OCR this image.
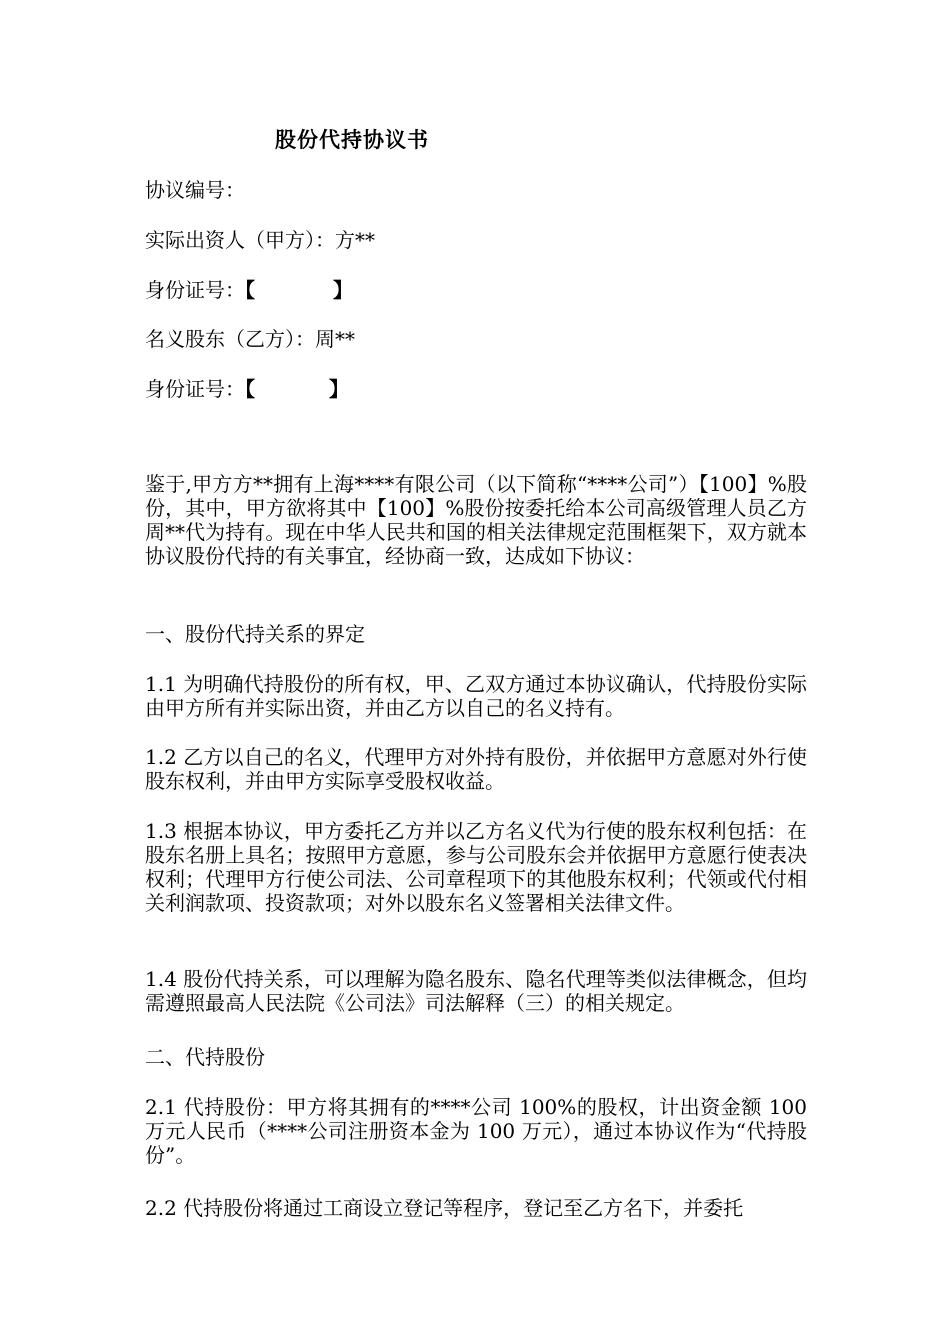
股份代持协议书
协议编号：
实际出资人（甲方）：方**
身份证号：【	】
名义股东（乙方）：周**
身份证号：【	】
鉴于,甲方方**拥有上海****有限公司（以下简称“****公司”）【100】%股份，其中，甲方欲将其中【100】%股份按委托给本公司高级管理人员乙方周**代为持有。现在中华人民共和国的相关法律规定范围框架下，双方就本协议股份代持的有关事宜，经协商一致，达成如下协议：
一、股份代持关系的界定
1.1 为明确代持股份的所有权，甲、乙双方通过本协议确认，代持股份实际由甲方所有并实际出资，并由乙方以自己的名义持有。
1.2 乙方以自己的名义，代理甲方对外持有股份，并依据甲方意愿对外行使股东权利，并由甲方实际享受股权收益。
1.3 根据本协议，甲方委托乙方并以乙方名义代为行使的股东权利包括：在股东名册上具名；按照甲方意愿，参与公司股东会并依据甲方意愿行使表决权利；代理甲方行使公司法、公司章程项下的其他股东权利；代领或代付相关利润款项、投资款项；对外以股东名义签署相关法律文件。
1.4 股份代持关系，可以理解为隐名股东、隐名代理等类似法律概念，但均需遵照最高人民法院《公司法》司法解释（三）的相关规定。
二、代持股份
2.1 代持股份：甲方将其拥有的****公司 100%的股权，计出资金额 100 万元人民币（****公司注册资本金为 100 万元），通过本协议作为“代持股份”。
2.2 代持股份将通过工商设立登记等程序，登记至乙方名下，并委托
